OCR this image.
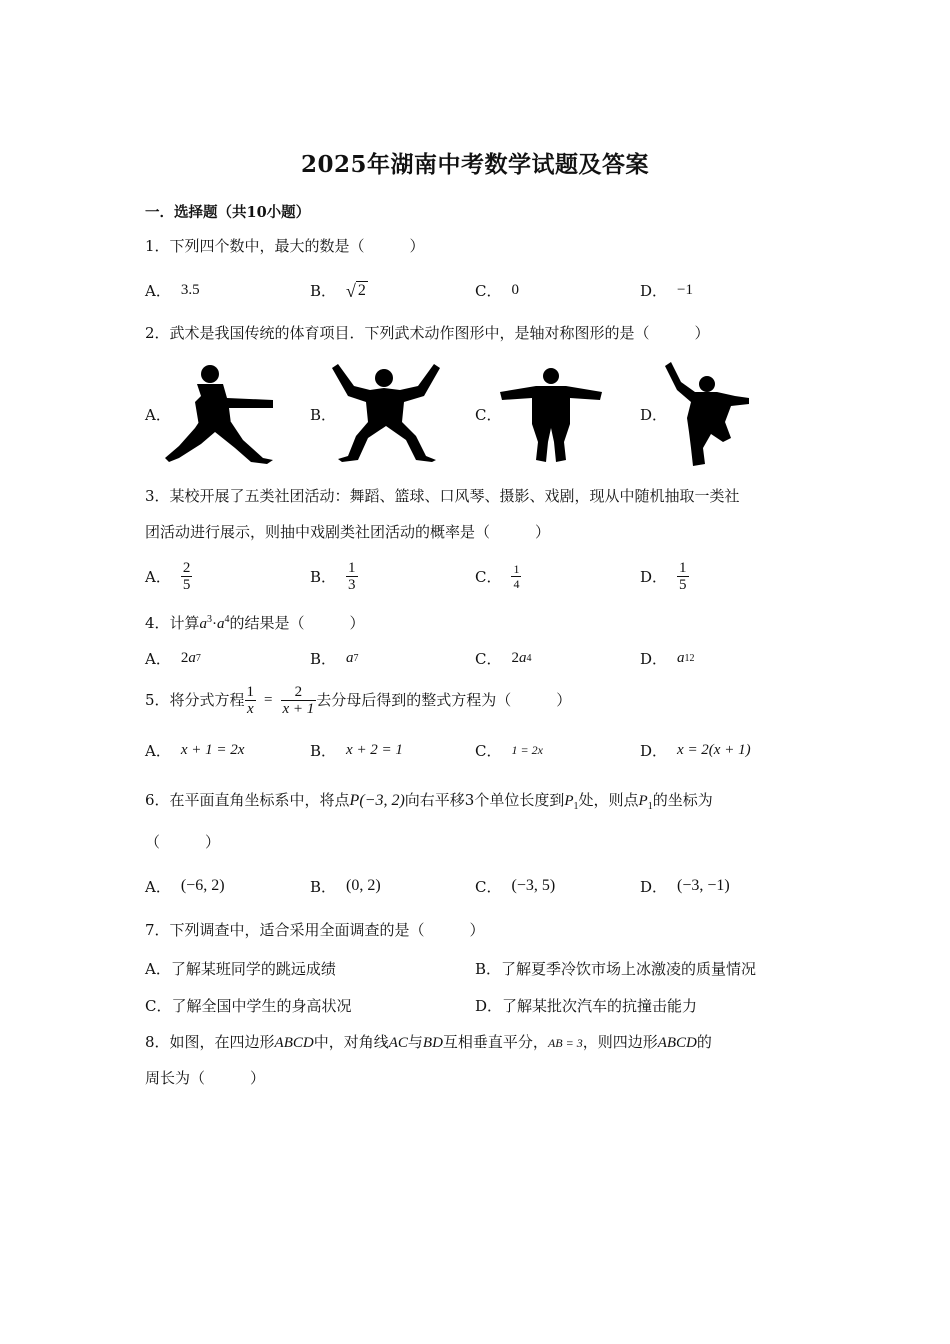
2025年湖南中考数学试题及答案
一．选择题（共10小题）
1．下列四个数中，最大的数是（　　　）
A． 3.5	B． √ 2	C． 0	D． −1
2．武术是我国传统的体育项目．下列武术动作图形中，是轴对称图形的是（　　　）
A．	B．	C．	D．
3．某校开展了五类社团活动：舞蹈、篮球、口风琴、摄影、戏剧，现从中随机抽取一类社
团活动进行展示，则抽中戏剧类社团活动的概率是（　　　）
A． $\frac{2}{5}$	B． $\frac{1}{3}$	C． $\frac{1}{4}$	D． $\frac{1}{5}$
4．计算$a^3\cdot a^4$的结果是（　　　）
A． 2 a 7	B． a 7	C． 2 a 4	D． a 12
5．将分式方程 $\frac{1}{x} = \frac{2}{x + 1}$ 去分母后得到的整式方程为（　　　）
A． x + 1 = 2x	B． x + 2 = 1	C． 1 = 2x	D． x = 2(x + 1)
6．在平面直角坐标系中，将点P(−3, 2)向右平移3个单位长度到$P_1$处，则点$P_1$的坐标为
（　　　）
A． (−6, 2)	B． (0, 2)	C． (−3, 5)	D． (−3, −1)
7．下列调查中，适合采用全面调查的是（　　　）
A．了解某班同学的跳远成绩	B．了解夏季冷饮市场上冰激凌的质量情况
C．了解全国中学生的身高状况	D．了解某批次汽车的抗撞击能力
8．如图，在四边形ABCD中，对角线AC与BD互相垂直平分，AB = 3，则四边形ABCD的
周长为（　　　）
